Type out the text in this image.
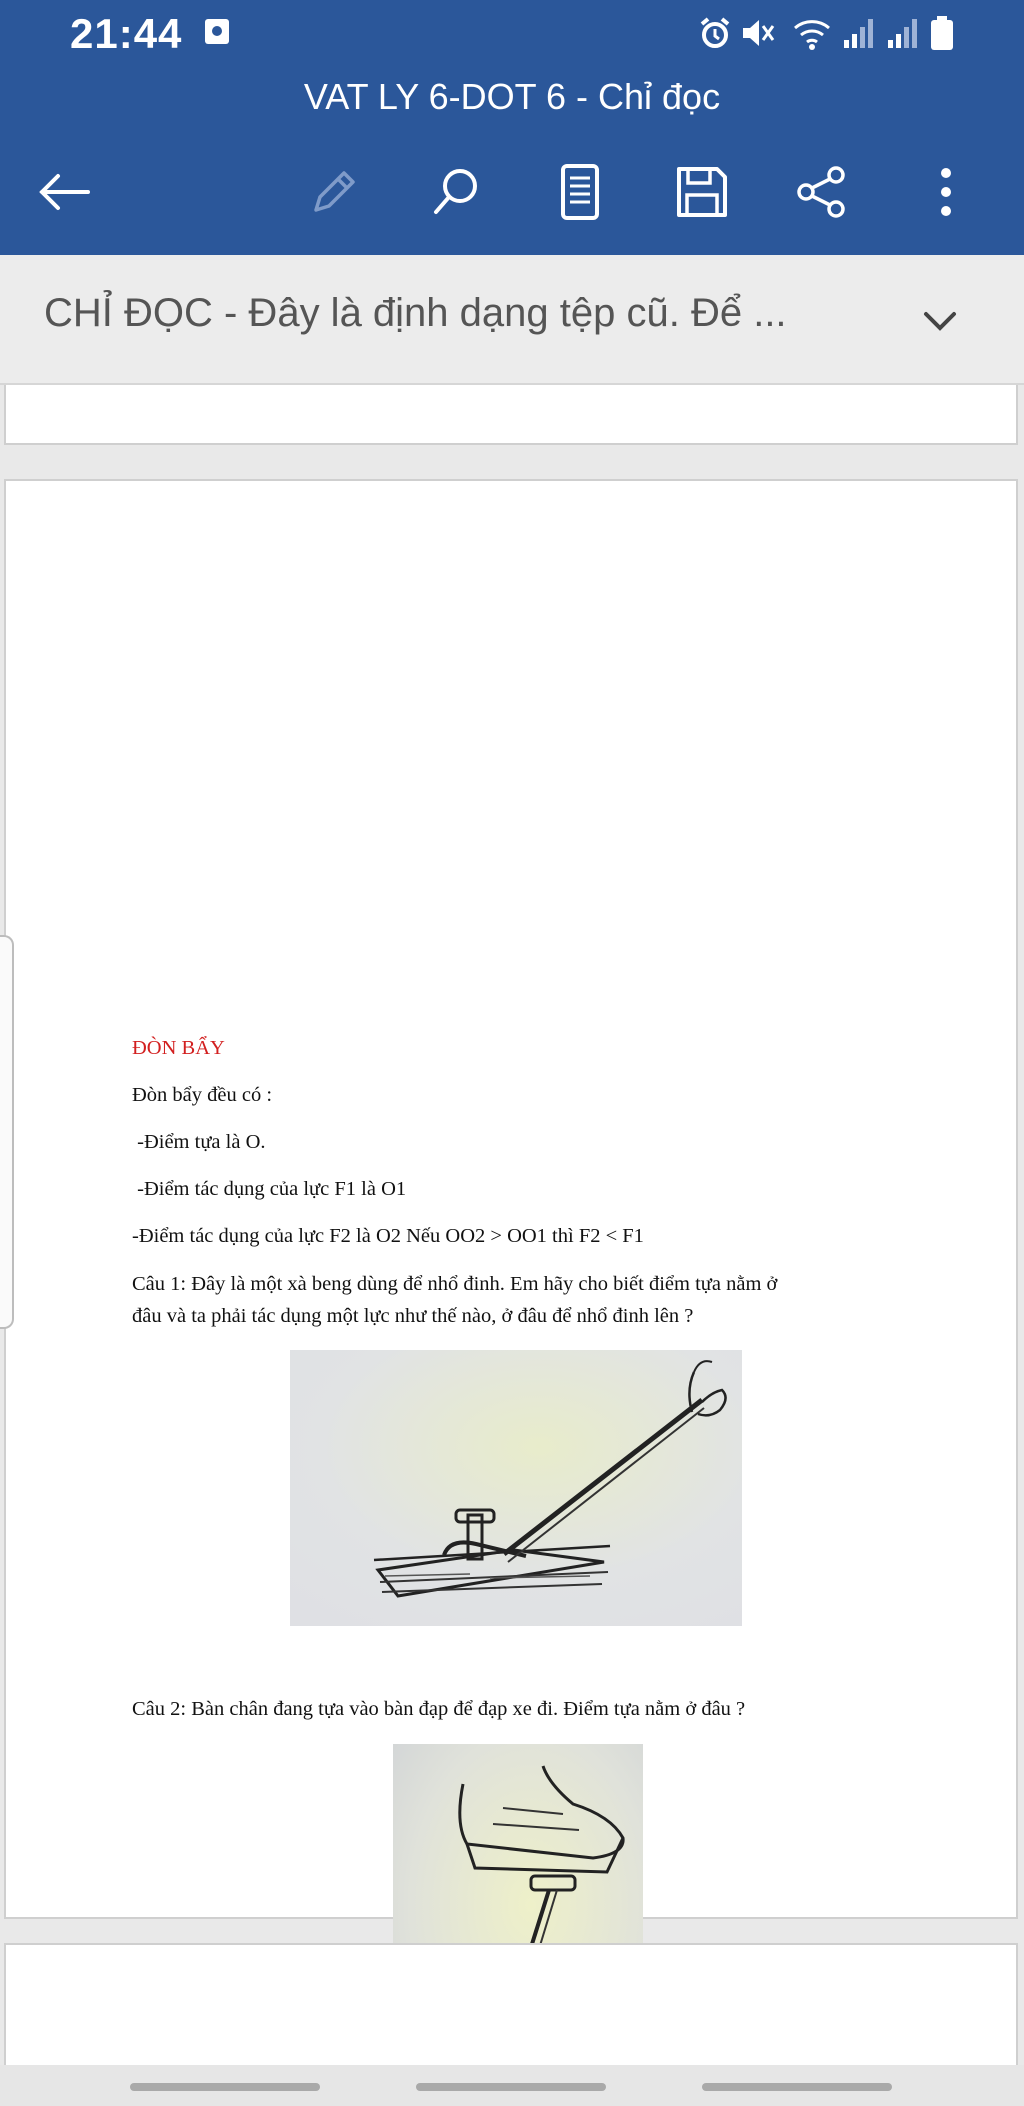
21:44
VAT LY 6-DOT 6 - Chỉ đọc
CHỈ ĐỌC - Đây là định dạng tệp cũ. Để ...
ĐÒN BẨY
Đòn bẩy đều có :
-Điểm tựa là O.
-Điểm tác dụng của lực F1 là O1
-Điểm tác dụng của lực F2 là O2 Nếu OO2 > OO1 thì F2 < F1
Câu 1: Đây là một xà beng dùng để nhổ đinh. Em hãy cho biết điểm tựa nằm ở
đâu và ta phải tác dụng một lực như thế nào, ở đâu để nhổ đinh lên ?
Câu 2: Bàn chân đang tựa vào bàn đạp để đạp xe đi. Điểm tựa nằm ở đâu ?
